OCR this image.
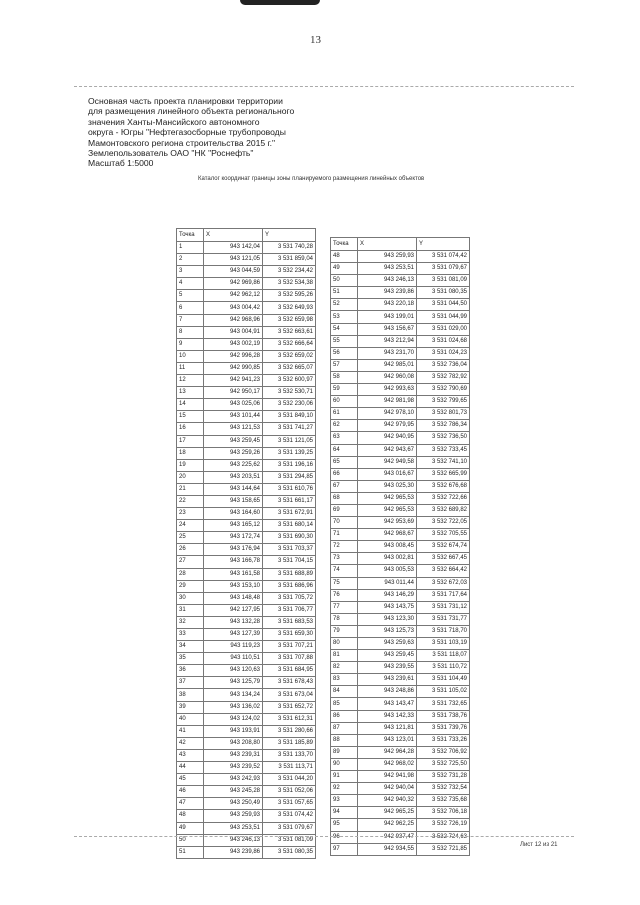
13
Основная часть проекта планировки территории
для размещения линейного объекта регионального
значения Ханты-Мансийского автономного
округа - Югры "Нефтегазосборные трубопроводы
Мамонтовского региона строительства 2015 г."
Землепользователь ОАО "НК "Роснефть"
Масштаб 1:5000
Каталог координат границы зоны планируемого размещения линейных объектов
Точка	X	Y
1	943 142,04	3 531 740,28
2	943 121,05	3 531 859,04
3	943 044,59	3 532 234,42
4	942 969,86	3 532 534,38
5	942 962,12	3 532 595,26
6	943 004,42	3 532 649,93
7	942 968,96	3 532 659,98
8	943 004,91	3 532 663,61
9	943 002,19	3 532 666,64
10	942 996,28	3 532 659,02
11	942 990,85	3 532 665,07
12	942 941,23	3 532 600,97
13	942 950,17	3 532 530,71
14	943 025,06	3 532 230,06
15	943 101,44	3 531 849,10
16	943 121,53	3 531 741,27
17	943 259,45	3 531 121,05
18	943 259,26	3 531 139,25
19	943 225,62	3 531 196,16
20	943 203,51	3 531 294,85
21	943 144,64	3 531 610,76
22	943 158,65	3 531 661,17
23	943 164,60	3 531 672,91
24	943 165,12	3 531 680,14
25	943 172,74	3 531 690,30
26	943 176,94	3 531 703,37
27	943 166,78	3 531 704,15
28	943 161,58	3 531 688,89
29	943 153,10	3 531 686,96
30	943 148,48	3 531 705,72
31	942 127,95	3 531 706,77
32	943 132,28	3 531 683,53
33	943 127,39	3 531 659,30
34	943 119,23	3 531 707,21
35	943 110,51	3 531 707,88
36	943 120,63	3 531 684,95
37	943 125,79	3 531 678,43
38	943 134,24	3 531 673,04
39	943 136,02	3 531 652,72
40	943 124,02	3 531 612,31
41	943 193,91	3 531 280,66
42	943 208,80	3 531 185,89
43	943 239,31	3 531 133,70
44	943 239,52	3 531 113,71
45	943 242,93	3 531 044,20
46	943 245,28	3 531 052,06
47	943 250,49	3 531 057,65
48	943 259,93	3 531 074,42
49	943 253,51	3 531 079,67
50	943 246,13	3 531 081,09
51	943 239,86	3 531 080,35
Точка	X	Y
48	943 259,93	3 531 074,42
49	943 253,51	3 531 079,67
50	943 246,13	3 531 081,09
51	943 239,86	3 531 080,35
52	943 220,18	3 531 044,50
53	943 199,01	3 531 044,99
54	943 156,67	3 531 029,00
55	943 212,94	3 531 024,68
56	943 231,70	3 531 024,23
57	942 985,01	3 532 736,04
58	942 960,08	3 532 782,92
59	942 993,63	3 532 790,69
60	942 981,98	3 532 799,65
61	942 978,10	3 532 801,73
62	942 979,95	3 532 786,34
63	942 940,95	3 532 736,50
64	942 943,67	3 532 733,45
65	942 949,58	3 532 741,10
66	943 016,67	3 532 665,99
67	943 025,30	3 532 676,68
68	942 965,53	3 532 722,66
69	942 965,53	3 532 689,82
70	942 953,69	3 532 722,05
71	942 968,67	3 532 705,55
72	943 008,45	3 532 674,74
73	943 002,81	3 532 667,45
74	943 005,53	3 532 664,42
75	943 011,44	3 532 672,03
76	943 146,29	3 531 717,64
77	943 143,75	3 531 731,12
78	943 123,30	3 531 731,77
79	943 125,73	3 531 718,70
80	943 259,63	3 531 103,19
81	943 259,45	3 531 118,07
82	943 239,55	3 531 110,72
83	943 239,61	3 531 104,49
84	943 248,86	3 531 105,02
85	943 143,47	3 531 732,65
86	943 142,33	3 531 738,76
87	943 121,81	3 531 739,76
88	943 123,01	3 531 733,26
89	942 964,28	3 532 706,92
90	942 968,02	3 532 725,50
91	942 941,98	3 532 731,28
92	942 940,04	3 532 732,54
93	942 940,32	3 532 735,68
94	942 965,25	3 532 706,18
95	942 962,25	3 532 726,19
96	942 937,47	3 532 724,63
97	942 934,55	3 532 721,85
Лист 12 из 21
